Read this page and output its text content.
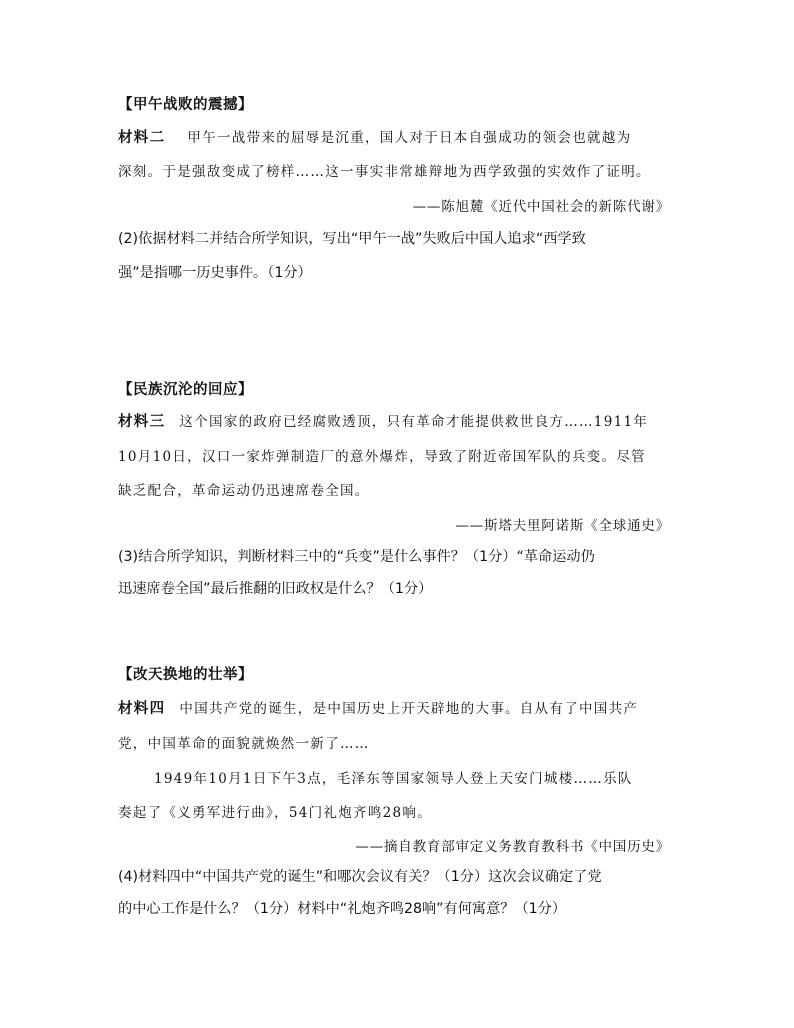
【甲午战败的震撼】
材料二 甲午一战带来的屈辱是沉重，国人对于日本自强成功的领会也就越为
深刻。于是强敌变成了榜样……这一事实非常雄辩地为西学致强的实效作了证明。
——陈旭麓《近代中国社会的新陈代谢》
(2)依据材料二并结合所学知识，写出“甲午一战”失败后中国人追求“西学致
强”是指哪一历史事件。（1分）
【民族沉沦的回应】
材料三 这个国家的政府已经腐败透顶，只有革命才能提供救世良方……1911年
10月10日，汉口一家炸弹制造厂的意外爆炸，导致了附近帝国军队的兵变。尽管
缺乏配合，革命运动仍迅速席卷全国。
——斯塔夫里阿诺斯《全球通史》
(3)结合所学知识，判断材料三中的“兵变”是什么事件？（1分）“革命运动仍
迅速席卷全国”最后推翻的旧政权是什么？（1分）
【改天换地的壮举】
材料四 中国共产党的诞生，是中国历史上开天辟地的大事。自从有了中国共产
党，中国革命的面貌就焕然一新了……
1949年10月1日下午3点，毛泽东等国家领导人登上天安门城楼……乐队
奏起了《义勇军进行曲》，54门礼炮齐鸣28响。
——摘自教育部审定义务教育教科书《中国历史》
(4)材料四中“中国共产党的诞生”和哪次会议有关？（1分）这次会议确定了党
的中心工作是什么？（1分）材料中“礼炮齐鸣28响”有何寓意？（1分）
